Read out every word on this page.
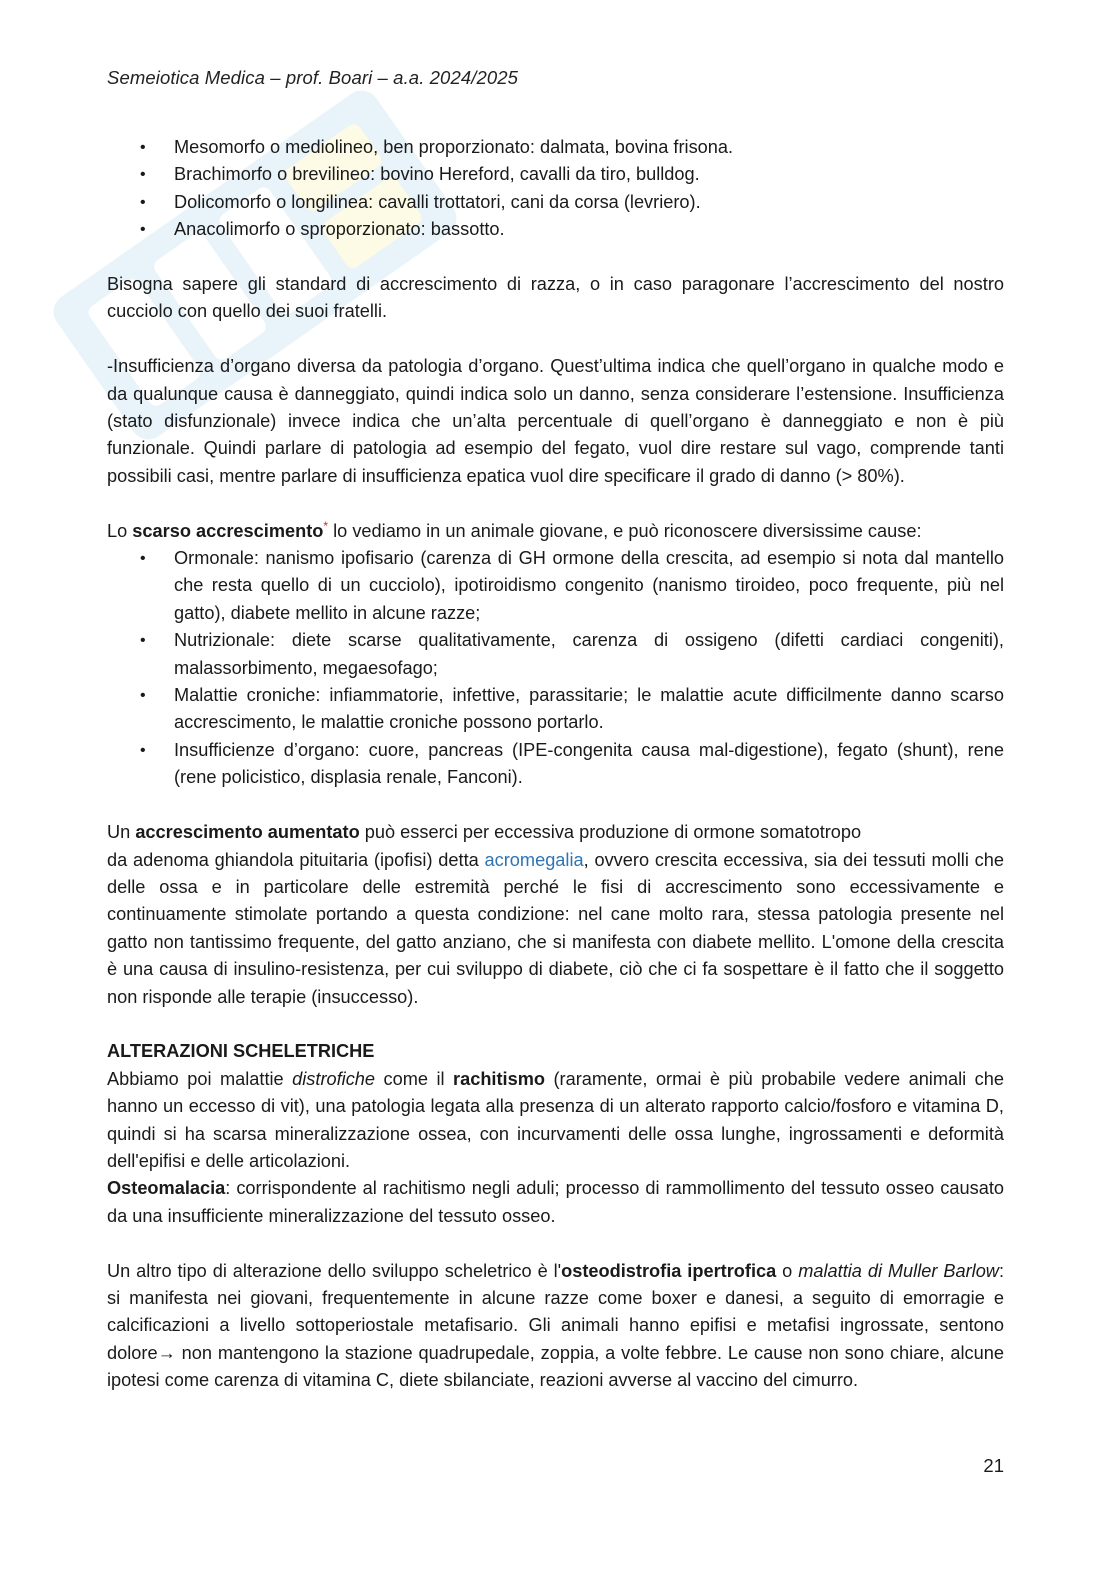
Semeiotica Medica – prof. Boari – a.a. 2024/2025
• Mesomorfo o mediolineo, ben proporzionato: dalmata, bovina frisona.
• Brachimorfo o brevilineo: bovino Hereford, cavalli da tiro, bulldog.
• Dolicomorfo o longilinea: cavalli trottatori, cani da corsa (levriero).
• Anacolimorfo o sproporzionato: bassotto.

Bisogna sapere gli standard di accrescimento di razza, o in caso paragonare l’accrescimento del nostro cucciolo con quello dei suoi fratelli.

-Insufficienza d’organo diversa da patologia d’organo. Quest’ultima indica che quell’organo in qualche modo e da qualunque causa è danneggiato, quindi indica solo un danno, senza considerare l’estensione. Insufficienza (stato disfunzionale) invece indica che un’alta percentuale di quell’organo è danneggiato e non è più funzionale. Quindi parlare di patologia ad esempio del fegato, vuol dire restare sul vago, comprende tanti possibili casi, mentre parlare di insufficienza epatica vuol dire specificare il grado di danno (> 80%).

Lo scarso accrescimento* lo vediamo in un animale giovane, e può riconoscere diversissime cause:

• Ormonale: nanismo ipofisario (carenza di GH ormone della crescita, ad esempio si nota dal mantello che resta quello di un cucciolo), ipotiroidismo congenito (nanismo tiroideo, poco frequente, più nel gatto), diabete mellito in alcune razze;
• Nutrizionale: diete scarse qualitativamente, carenza di ossigeno (difetti cardiaci congeniti), malassorbimento, megaesofago;
• Malattie croniche: infiammatorie, infettive, parassitarie; le malattie acute difficilmente danno scarso accrescimento, le malattie croniche possono portarlo.
• Insufficienze d’organo: cuore, pancreas (IPE-congenita causa mal-digestione), fegato (shunt), rene (rene policistico, displasia renale, Fanconi).

Un accrescimento aumentato può esserci per eccessiva produzione di ormone somatotropo

da adenoma ghiandola pituitaria (ipofisi) detta acromegalia, ovvero crescita eccessiva, sia dei tessuti molli che delle ossa e in particolare delle estremità perché le fisi di accrescimento sono eccessivamente e continuamente stimolate portando a questa condizione: nel cane molto rara, stessa patologia presente nel gatto non tantissimo frequente, del gatto anziano, che si manifesta con diabete mellito. L'omone della crescita è una causa di insulino-resistenza, per cui sviluppo di diabete, ciò che ci fa sospettare è il fatto che il soggetto non risponde alle terapie (insuccesso).

ALTERAZIONI SCHELETRICHE

Abbiamo poi malattie distrofiche come il rachitismo (raramente, ormai è più probabile vedere animali che hanno un eccesso di vit), una patologia legata alla presenza di un alterato rapporto calcio/fosforo e vitamina D, quindi si ha scarsa mineralizzazione ossea, con incurvamenti delle ossa lunghe, ingrossamenti e deformità dell'epifisi e delle articolazioni.

Osteomalacia: corrispondente al rachitismo negli aduli; processo di rammollimento del tessuto osseo causato da una insufficiente mineralizzazione del tessuto osseo.

Un altro tipo di alterazione dello sviluppo scheletrico è l'osteodistrofia ipertrofica o malattia di Muller Barlow: si manifesta nei giovani, frequentemente in alcune razze come boxer e danesi, a seguito di emorragie e calcificazioni a livello sottoperiostale metafisario. Gli animali hanno epifisi e metafisi ingrossate, sentono dolore→ non mantengono la stazione quadrupedale, zoppia, a volte febbre. Le cause non sono chiare, alcune ipotesi come carenza di vitamina C, diete sbilanciate, reazioni avverse al vaccino del cimurro.

21
